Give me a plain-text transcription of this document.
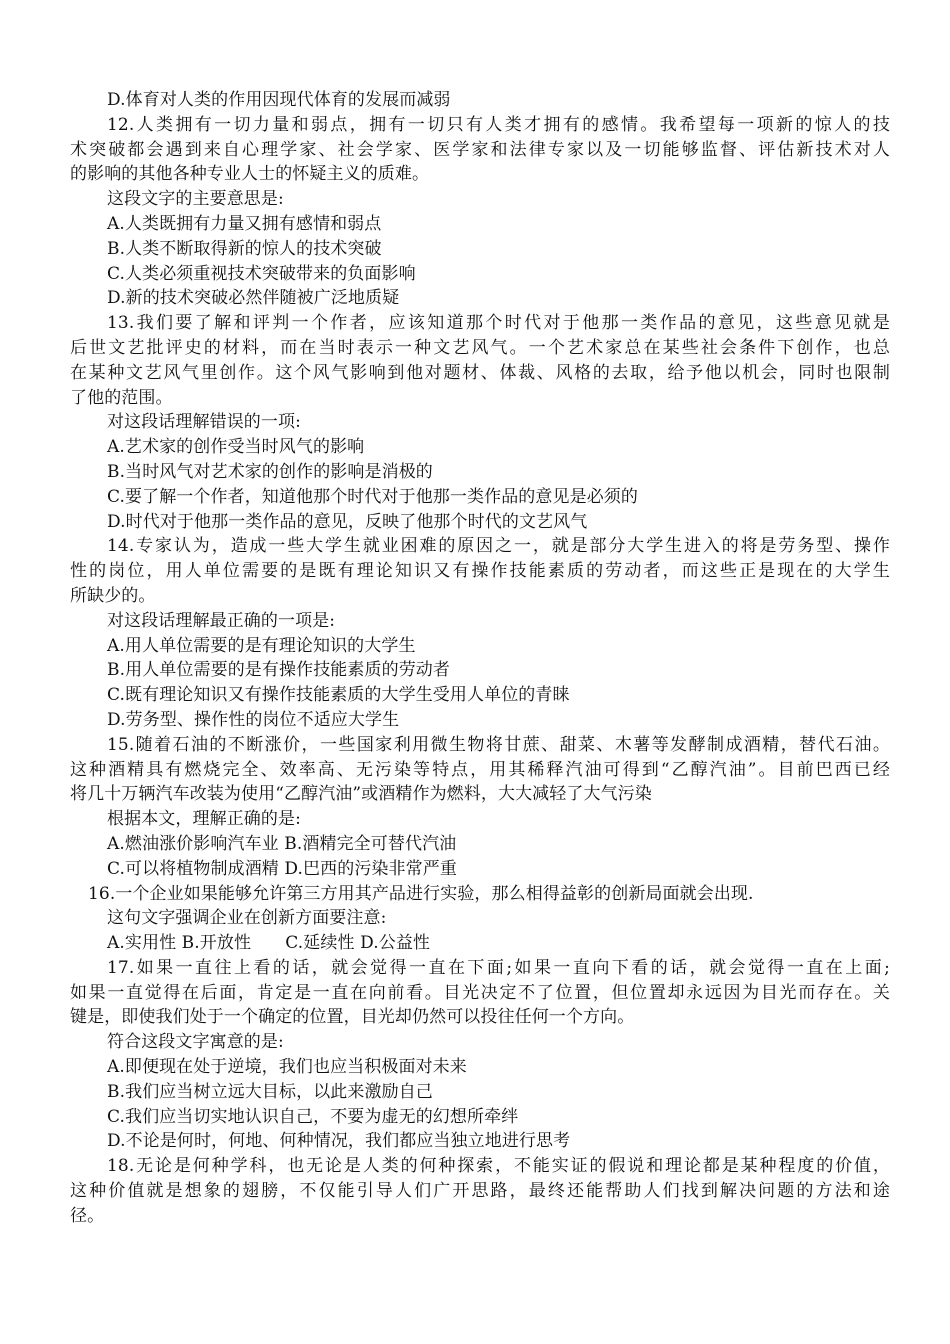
D.体育对人类的作用因现代体育的发展而减弱

12.人类拥有一切力量和弱点，拥有一切只有人类才拥有的感情。我希望每一项新的惊人的技

术突破都会遇到来自心理学家、社会学家、医学家和法律专家以及一切能够监督、评估新技术对人

的影响的其他各种专业人士的怀疑主义的质难。

这段文字的主要意思是:

A.人类既拥有力量又拥有感情和弱点

B.人类不断取得新的惊人的技术突破

C.人类必须重视技术突破带来的负面影响

D.新的技术突破必然伴随被广泛地质疑

13.我们要了解和评判一个作者，应该知道那个时代对于他那一类作品的意见，这些意见就是

后世文艺批评史的材料，而在当时表示一种文艺风气。一个艺术家总在某些社会条件下创作，也总

在某种文艺风气里创作。这个风气影响到他对题材、体裁、风格的去取，给予他以机会，同时也限制

了他的范围。

对这段话理解错误的一项:

A.艺术家的创作受当时风气的影响

B.当时风气对艺术家的创作的影响是消极的

C.要了解一个作者，知道他那个时代对于他那一类作品的意见是必须的

D.时代对于他那一类作品的意见，反映了他那个时代的文艺风气

14.专家认为，造成一些大学生就业困难的原因之一，就是部分大学生进入的将是劳务型、操作

性的岗位，用人单位需要的是既有理论知识又有操作技能素质的劳动者，而这些正是现在的大学生

所缺少的。

对这段话理解最正确的一项是:

A.用人单位需要的是有理论知识的大学生

B.用人单位需要的是有操作技能素质的劳动者

C.既有理论知识又有操作技能素质的大学生受用人单位的青睐

D.劳务型、操作性的岗位不适应大学生

15.随着石油的不断涨价，一些国家利用微生物将甘蔗、甜菜、木薯等发酵制成酒精，替代石油。

这种酒精具有燃烧完全、效率高、无污染等特点，用其稀释汽油可得到“乙醇汽油”。目前巴西已经

将几十万辆汽车改装为使用“乙醇汽油”或酒精作为燃料，大大减轻了大气污染

根据本文，理解正确的是:

A.燃油涨价影响汽车业 B.酒精完全可替代汽油

C.可以将植物制成酒精 D.巴西的污染非常严重

16.一个企业如果能够允许第三方用其产品进行实验，那么相得益彰的创新局面就会出现.

这句文字强调企业在创新方面要注意:

A.实用性 B.开放性　　C.延续性 D.公益性

17.如果一直往上看的话，就会觉得一直在下面;如果一直向下看的话，就会觉得一直在上面;

如果一直觉得在后面，肯定是一直在向前看。目光决定不了位置，但位置却永远因为目光而存在。关

键是，即使我们处于一个确定的位置，目光却仍然可以投往任何一个方向。

符合这段文字寓意的是:

A.即便现在处于逆境，我们也应当积极面对未来

B.我们应当树立远大目标，以此来激励自己

C.我们应当切实地认识自己，不要为虚无的幻想所牵绊

D.不论是何时，何地、何种情况，我们都应当独立地进行思考

18.无论是何种学科，也无论是人类的何种探索，不能实证的假说和理论都是某种程度的价值，

这种价值就是想象的翅膀，不仅能引导人们广开思路，最终还能帮助人们找到解决问题的方法和途

径。
